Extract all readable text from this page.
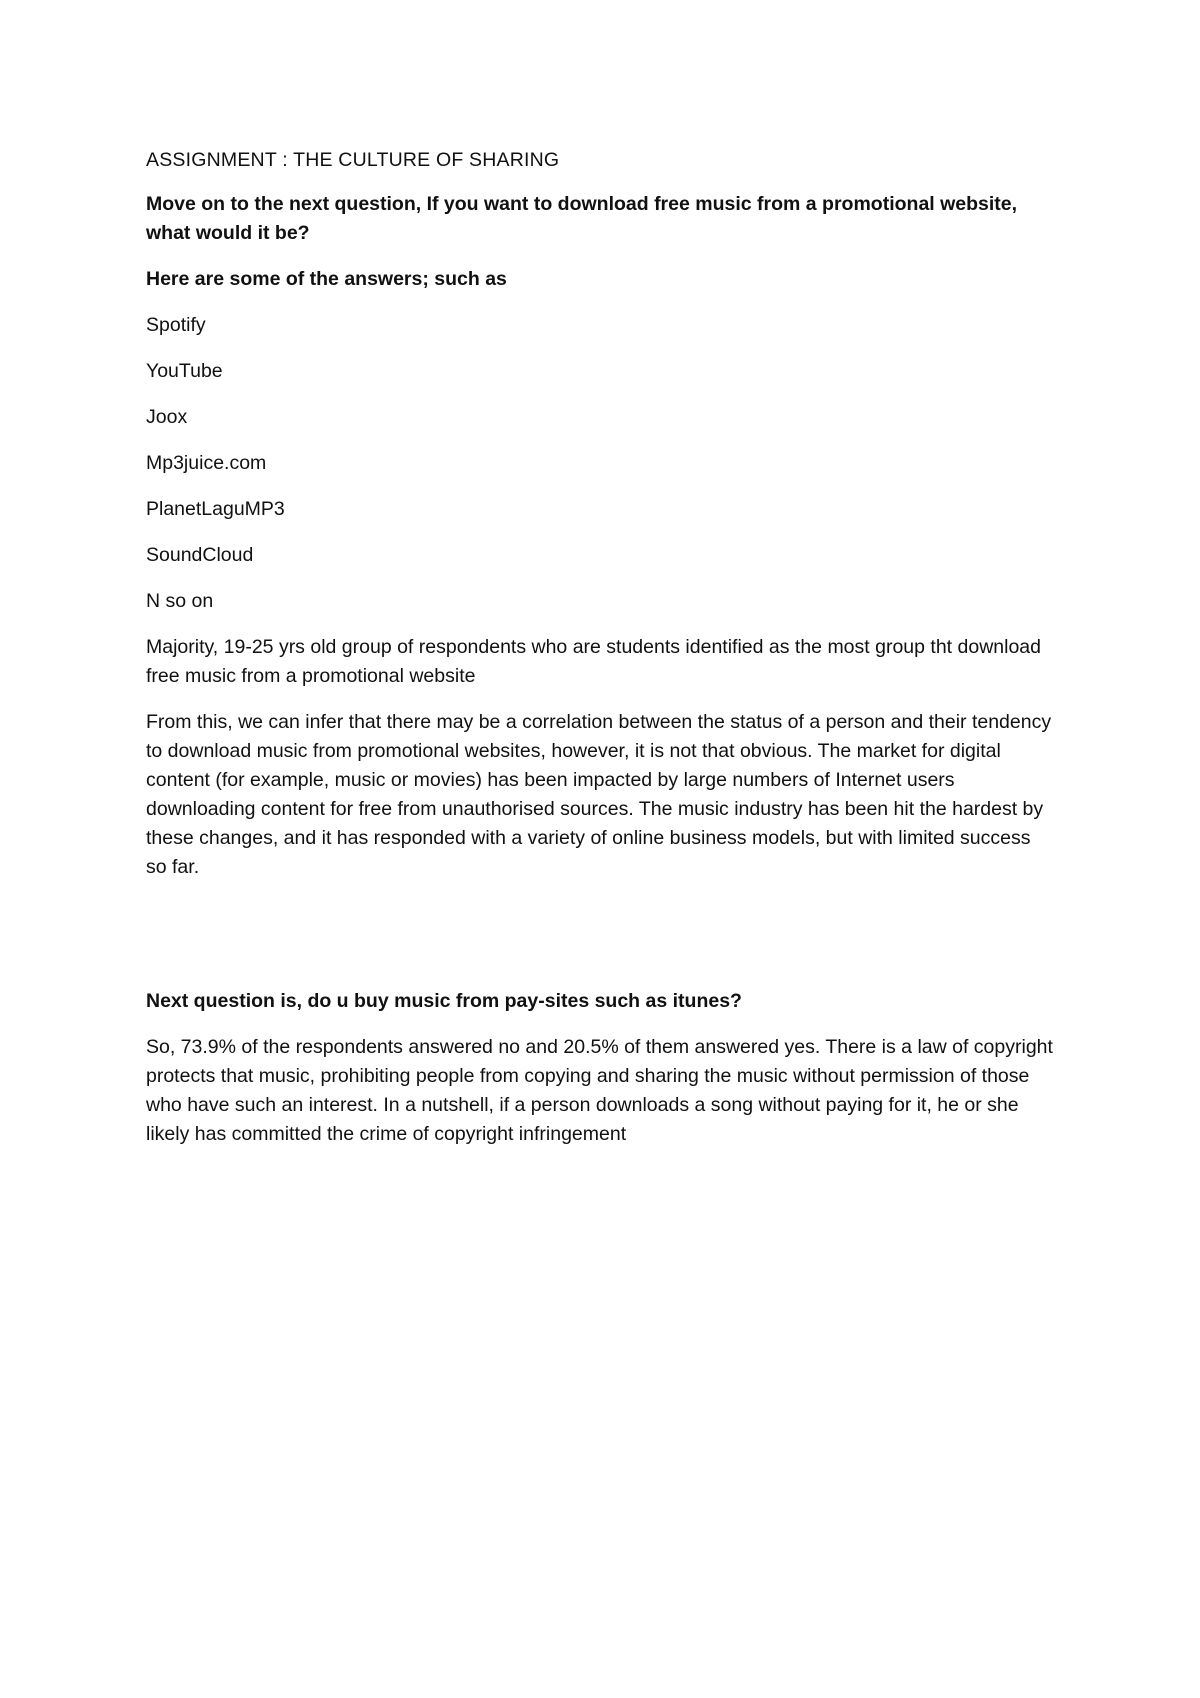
ASSIGNMENT : THE CULTURE OF SHARING

Move on to the next question, If you want to download free music from a promotional website, what would it be?

Here are some of the answers; such as

Spotify
YouTube
Joox
Mp3juice.com
PlanetLaguMP3
SoundCloud
N so on

Majority, 19-25 yrs old group of respondents who are students identified as the most group tht download free music from a promotional website

From this, we can infer that there may be a correlation between the status of a person and their tendency to download music from promotional websites, however, it is not that obvious. The market for digital content (for example, music or movies) has been impacted by large numbers of Internet users downloading content for free from unauthorised sources. The music industry has been hit the hardest by these changes, and it has responded with a variety of online business models, but with limited success so far.

Next question is, do u buy music from pay-sites such as itunes?

So, 73.9% of the respondents answered no and 20.5% of them answered yes. There is a law of copyright protects that music, prohibiting people from copying and sharing the music without permission of those who have such an interest. In a nutshell, if a person downloads a song without paying for it, he or she likely has committed the crime of copyright infringement
